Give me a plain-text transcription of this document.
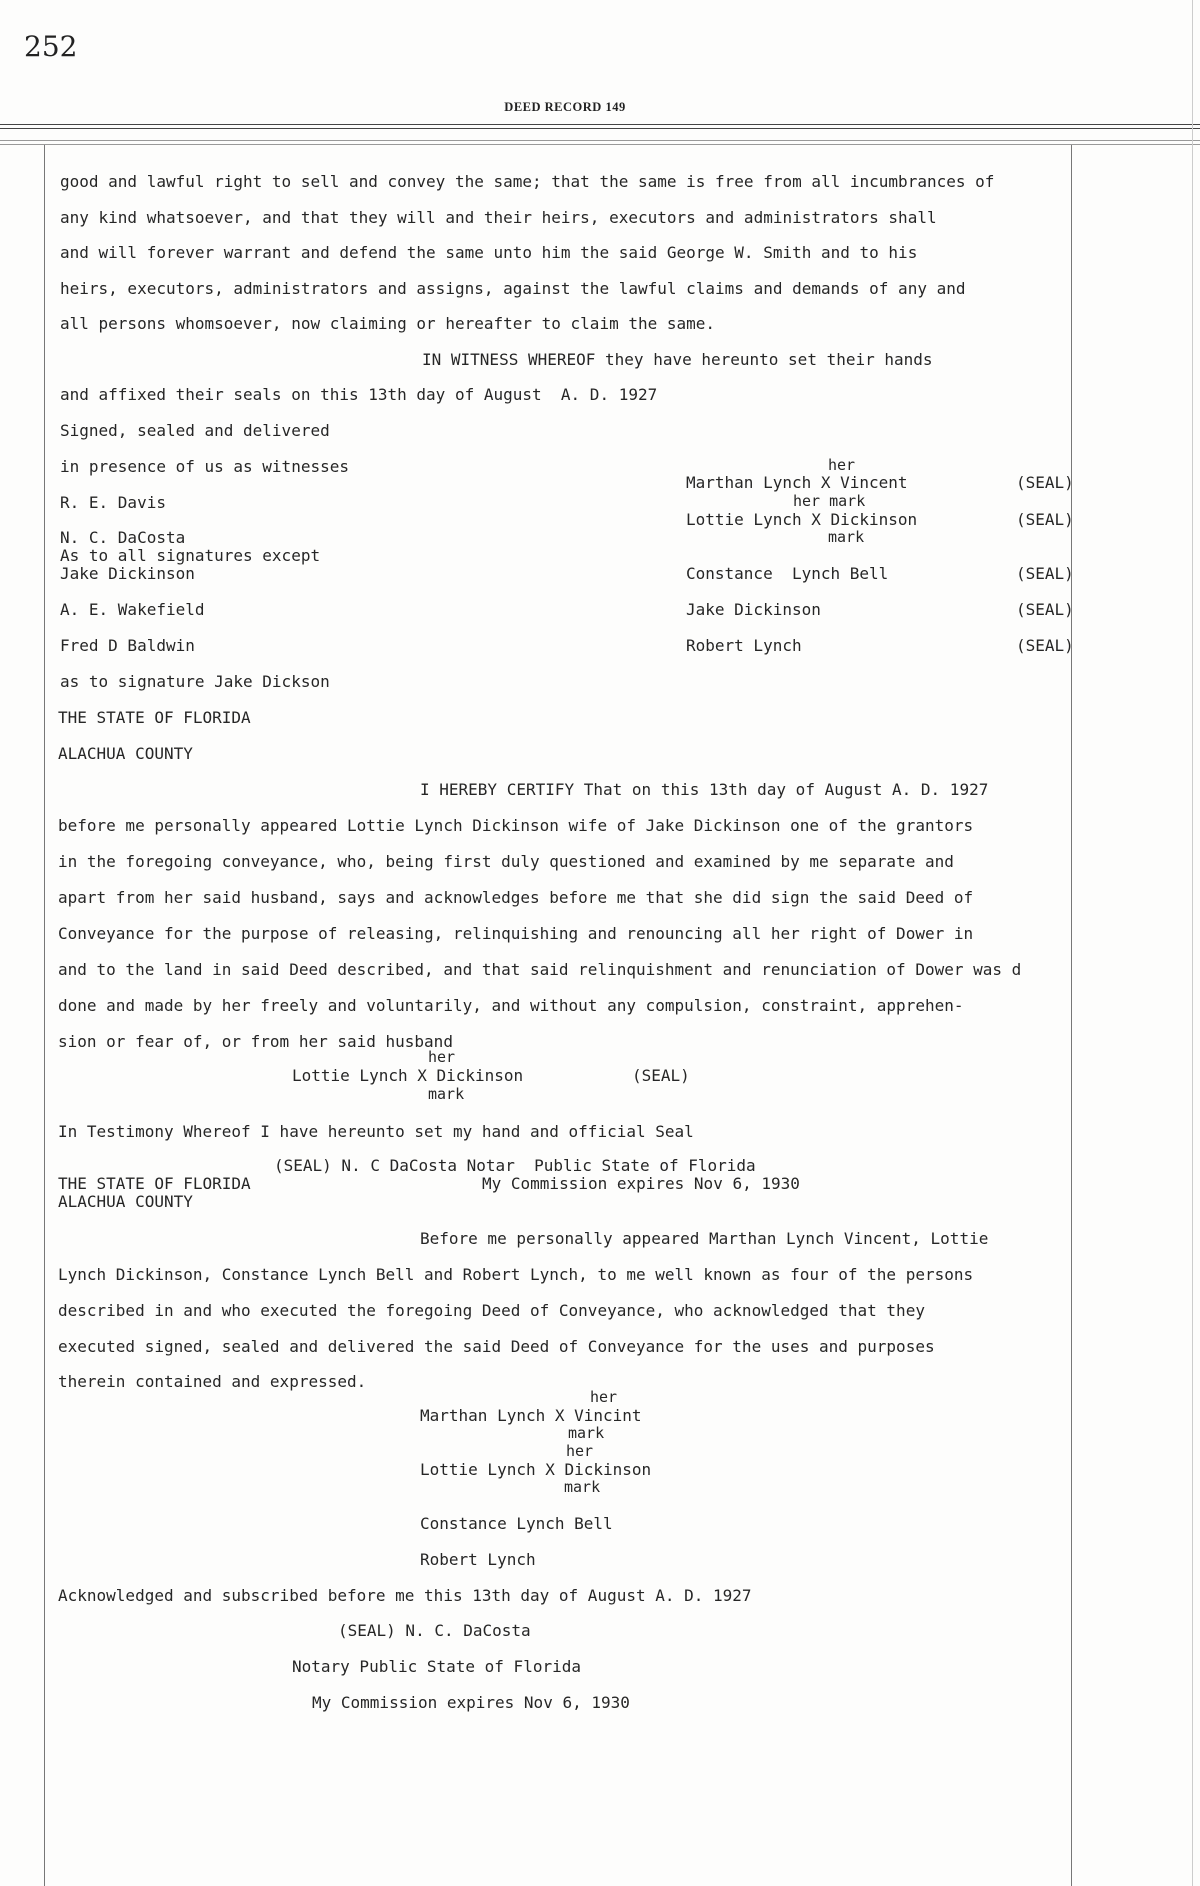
252
DEED RECORD 149
good and lawful right to sell and convey the same; that the same is free from all incumbrances of
any kind whatsoever, and that they will and their heirs, executors and administrators shall
and will forever warrant and defend the same unto him the said George W. Smith and to his
heirs, executors, administrators and assigns, against the lawful claims and demands of any and
all persons whomsoever, now claiming or hereafter to claim the same.
IN WITNESS WHEREOF they have hereunto set their hands
and affixed their seals on this 13th day of August  A. D. 1927
Signed, sealed and delivered
in presence of us as witnesses
R. E. Davis
N. C. DaCosta
As to all signatures except
Jake Dickinson
A. E. Wakefield
Fred D Baldwin
as to signature Jake Dickson
her
Marthan Lynch X Vincent	(SEAL)
her mark
Lottie Lynch X Dickinson	(SEAL)
mark
Constance  Lynch Bell	(SEAL)
Jake Dickinson	(SEAL)
Robert Lynch	(SEAL)
THE STATE OF FLORIDA
ALACHUA COUNTY
I HEREBY CERTIFY That on this 13th day of August A. D. 1927
before me personally appeared Lottie Lynch Dickinson wife of Jake Dickinson one of the grantors
in the foregoing conveyance, who, being first duly questioned and examined by me separate and
apart from her said husband, says and acknowledges before me that she did sign the said Deed of
Conveyance for the purpose of releasing, relinquishing and renouncing all her right of Dower in
and to the land in said Deed described, and that said relinquishment and renunciation of Dower was d
done and made by her freely and voluntarily, and without any compulsion, constraint, apprehen-
sion or fear of, or from her said husband
her
Lottie Lynch X Dickinson	(SEAL)
mark
In Testimony Whereof I have hereunto set my hand and official Seal
(SEAL) N. C DaCosta Notar  Public State of Florida
THE STATE OF FLORIDA	My Commission expires Nov 6, 1930
ALACHUA COUNTY
Before me personally appeared Marthan Lynch Vincent, Lottie
Lynch Dickinson, Constance Lynch Bell and Robert Lynch, to me well known as four of the persons
described in and who executed the foregoing Deed of Conveyance, who acknowledged that they
executed signed, sealed and delivered the said Deed of Conveyance for the uses and purposes
therein contained and expressed.
her
Marthan Lynch X Vincint
mark
her
Lottie Lynch X Dickinson
mark
Constance Lynch Bell
Robert Lynch
Acknowledged and subscribed before me this 13th day of August A. D. 1927
(SEAL) N. C. DaCosta
Notary Public State of Florida
My Commission expires Nov 6, 1930
